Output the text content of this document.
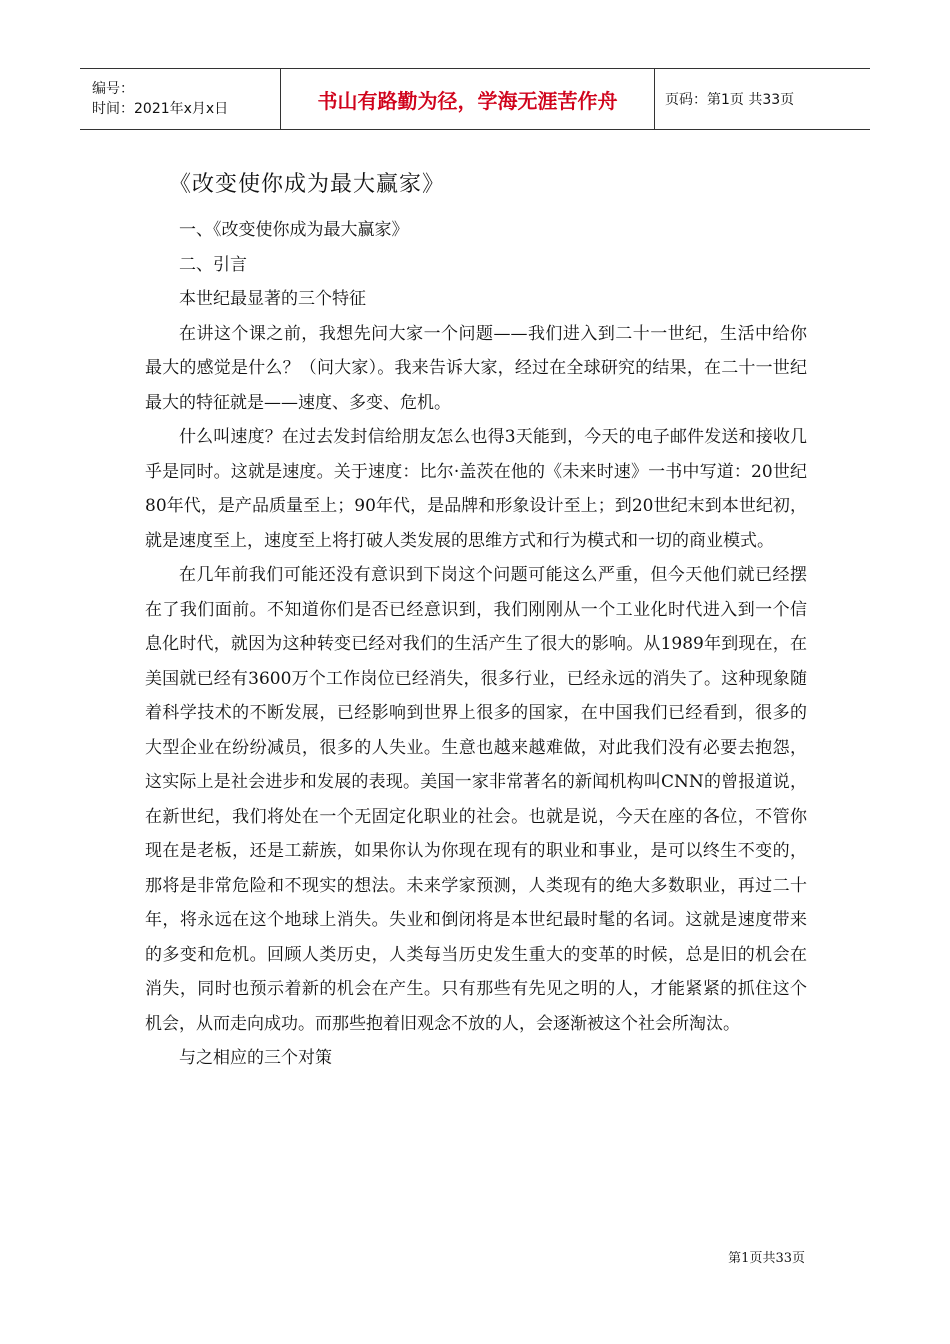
编号：
时间：2021年x月x日	书山有路勤为径，学海无涯苦作舟	页码：第1页 共33页
《改变使你成为最大赢家》

一、《改变使你成为最大赢家》

二、引言

本世纪最显著的三个特征

在讲这个课之前，我想先问大家一个问题——我们进入到二十一世纪，生活中给你最大的感觉是什么？（问大家）。我来告诉大家，经过在全球研究的结果，在二十一世纪最大的特征就是——速度、多变、危机。

什么叫速度？在过去发封信给朋友怎么也得3天能到，今天的电子邮件发送和接收几乎是同时。这就是速度。关于速度：比尔·盖茨在他的《未来时速》一书中写道：20世纪80年代，是产品质量至上；90年代，是品牌和形象设计至上；到20世纪末到本世纪初，就是速度至上，速度至上将打破人类发展的思维方式和行为模式和一切的商业模式。

在几年前我们可能还没有意识到下岗这个问题可能这么严重，但今天他们就已经摆在了我们面前。不知道你们是否已经意识到，我们刚刚从一个工业化时代进入到一个信息化时代，就因为这种转变已经对我们的生活产生了很大的影响。从1989年到现在，在美国就已经有3600万个工作岗位已经消失，很多行业，已经永远的消失了。这种现象随着科学技术的不断发展，已经影响到世界上很多的国家，在中国我们已经看到，很多的大型企业在纷纷减员，很多的人失业。生意也越来越难做，对此我们没有必要去抱怨，这实际上是社会进步和发展的表现。美国一家非常著名的新闻机构叫CNN的曾报道说，在新世纪，我们将处在一个无固定化职业的社会。也就是说，今天在座的各位，不管你现在是老板，还是工薪族，如果你认为你现在现有的职业和事业，是可以终生不变的，那将是非常危险和不现实的想法。未来学家预测，人类现有的绝大多数职业，再过二十年，将永远在这个地球上消失。失业和倒闭将是本世纪最时髦的名词。这就是速度带来的多变和危机。回顾人类历史，人类每当历史发生重大的变革的时候，总是旧的机会在消失，同时也预示着新的机会在产生。只有那些有先见之明的人，才能紧紧的抓住这个机会，从而走向成功。而那些抱着旧观念不放的人，会逐渐被这个社会所淘汰。

与之相应的三个对策

第1页共33页
